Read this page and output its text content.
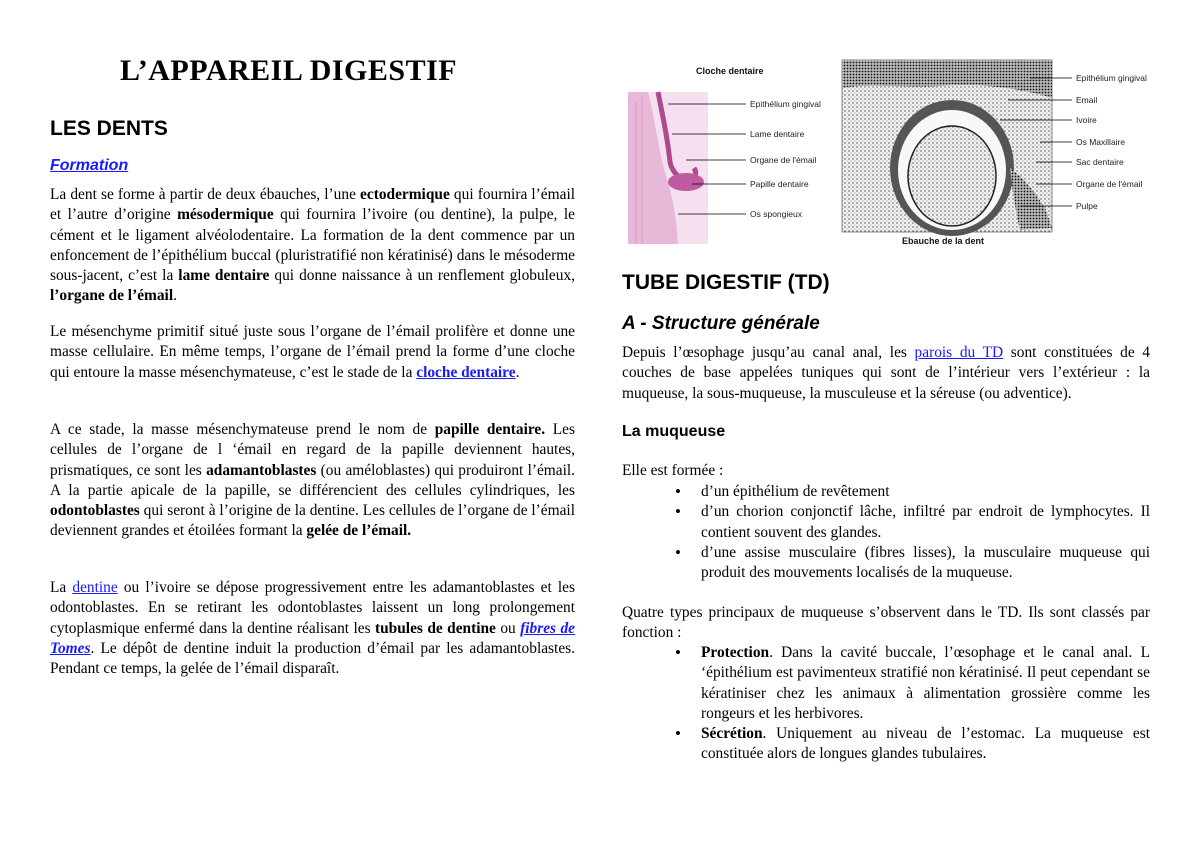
L’APPAREIL DIGESTIF
LES DENTS
Formation

La dent se forme à partir de deux ébauches, l’une ectodermique qui fournira l’émail et l’autre d’origine mésodermique qui fournira l’ivoire (ou dentine), la pulpe, le cément et le ligament alvéolodentaire. La formation de la dent commence par un enfoncement de l’épithélium buccal (pluristratifié non kératinisé) dans le mésoderme sous-jacent, c’est la lame dentaire qui donne naissance à un renflement globuleux, l’organe de l’émail.

Le mésenchyme primitif situé juste sous l’organe de l’émail prolifère et donne une masse cellulaire. En même temps, l’organe de l’émail prend la forme d’une cloche qui entoure la masse mésenchymateuse, c’est le stade de la cloche dentaire.

A ce stade, la masse mésenchymateuse prend le nom de papille dentaire. Les cellules de l’organe de l ‘émail en regard de la papille deviennent hautes, prismatiques, ce sont les adamantoblastes (ou améloblastes) qui produiront l’émail. A la partie apicale de la papille, se différencient des cellules cylindriques, les odontoblastes qui seront à l’origine de la dentine. Les cellules de l’organe de l’émail deviennent grandes et étoilées formant la gelée de l’émail.

La dentine ou l’ivoire se dépose progressivement entre les adamantoblastes et les odontoblastes. En se retirant les odontoblastes laissent un long prolongement cytoplasmique enfermé dans la dentine réalisant les tubules de dentine ou fibres de Tomes. Le dépôt de dentine induit la production d’émail par les adamantoblastes. Pendant ce temps, la gelée de l’émail disparaît.

Cloche dentaire
Epithélium gingival
Lame dentaire
Organe de l'émail
Papille dentaire
Os spongieux
Ebauche de la dent
Epithélium gingival
Email
Ivoire
Os Maxillaire
Sac dentaire
Organe de l'émail
Pulpe
TUBE DIGESTIF (TD)
A - Structure générale

Depuis l’œsophage jusqu’au canal anal, les parois du TD sont constituées de 4 couches de base appelées tuniques qui sont de l’intérieur vers l’extérieur : la muqueuse, la sous-muqueuse, la musculeuse et la séreuse (ou adventice).

La muqueuse

Elle est formée :

• d’un épithélium de revêtement
• d’un chorion conjonctif lâche, infiltré par endroit de lymphocytes. Il contient souvent des glandes.
• d’une assise musculaire (fibres lisses), la musculaire muqueuse qui produit des mouvements localisés de la muqueuse.

Quatre types principaux de muqueuse s’observent dans le TD. Ils sont classés par fonction :

• Protection. Dans la cavité buccale, l’œsophage et le canal anal. L ‘épithélium est pavimenteux stratifié non kératinisé. Il peut cependant se kératiniser chez les animaux à alimentation grossière comme les rongeurs et les herbivores.
• Sécrétion. Uniquement au niveau de l’estomac. La muqueuse est constituée alors de longues glandes tubulaires.
